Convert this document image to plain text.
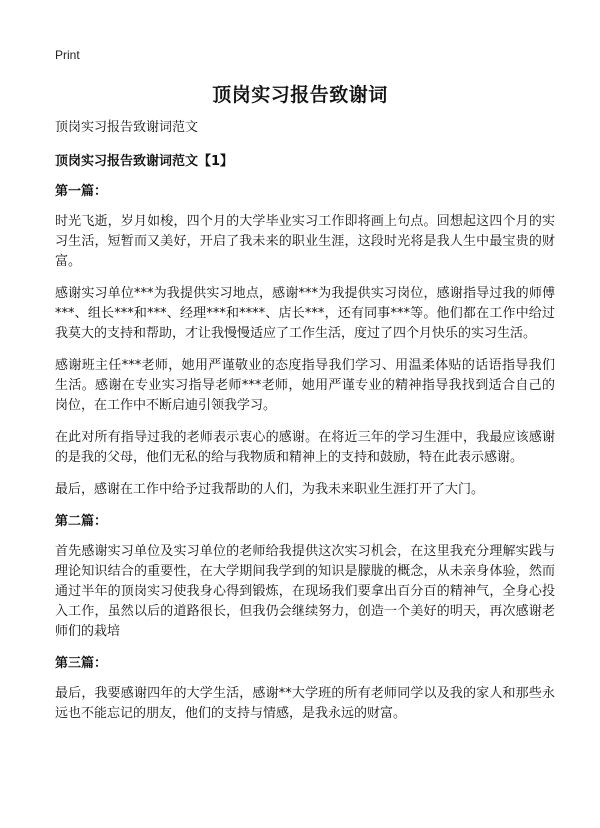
Print
顶岗实习报告致谢词

顶岗实习报告致谢词范文

顶岗实习报告致谢词范文【1】

第一篇：

时光飞逝，岁月如梭，四个月的大学毕业实习工作即将画上句点。回想起这四个月的实习生活，短暂而又美好，开启了我未来的职业生涯，这段时光将是我人生中最宝贵的财富。

感谢实习单位***为我提供实习地点，感谢***为我提供实习岗位，感谢指导过我的师傅***、组长***和***、经理***和****、店长***，还有同事***等。他们都在工作中给过我莫大的支持和帮助，才让我慢慢适应了工作生活，度过了四个月快乐的实习生活。

感谢班主任***老师，她用严谨敬业的态度指导我们学习、用温柔体贴的话语指导我们生活。感谢在专业实习指导老师***老师，她用严谨专业的精神指导我找到适合自己的岗位，在工作中不断启迪引领我学习。

在此对所有指导过我的老师表示衷心的感谢。在将近三年的学习生涯中，我最应该感谢的是我的父母，他们无私的给与我物质和精神上的支持和鼓励，特在此表示感谢。

最后，感谢在工作中给予过我帮助的人们，为我未来职业生涯打开了大门。

第二篇：

首先感谢实习单位及实习单位的老师给我提供这次实习机会，在这里我充分理解实践与理论知识结合的重要性，在大学期间我学到的知识是朦胧的概念，从未亲身体验，然而通过半年的顶岗实习使我身心得到锻炼，在现场我们要拿出百分百的精神气，全身心投入工作，虽然以后的道路很长，但我仍会继续努力，创造一个美好的明天，再次感谢老师们的栽培

第三篇：

最后，我要感谢四年的大学生活，感谢**大学班的所有老师同学以及我的家人和那些永远也不能忘记的朋友，他们的支持与情感，是我永远的财富。
